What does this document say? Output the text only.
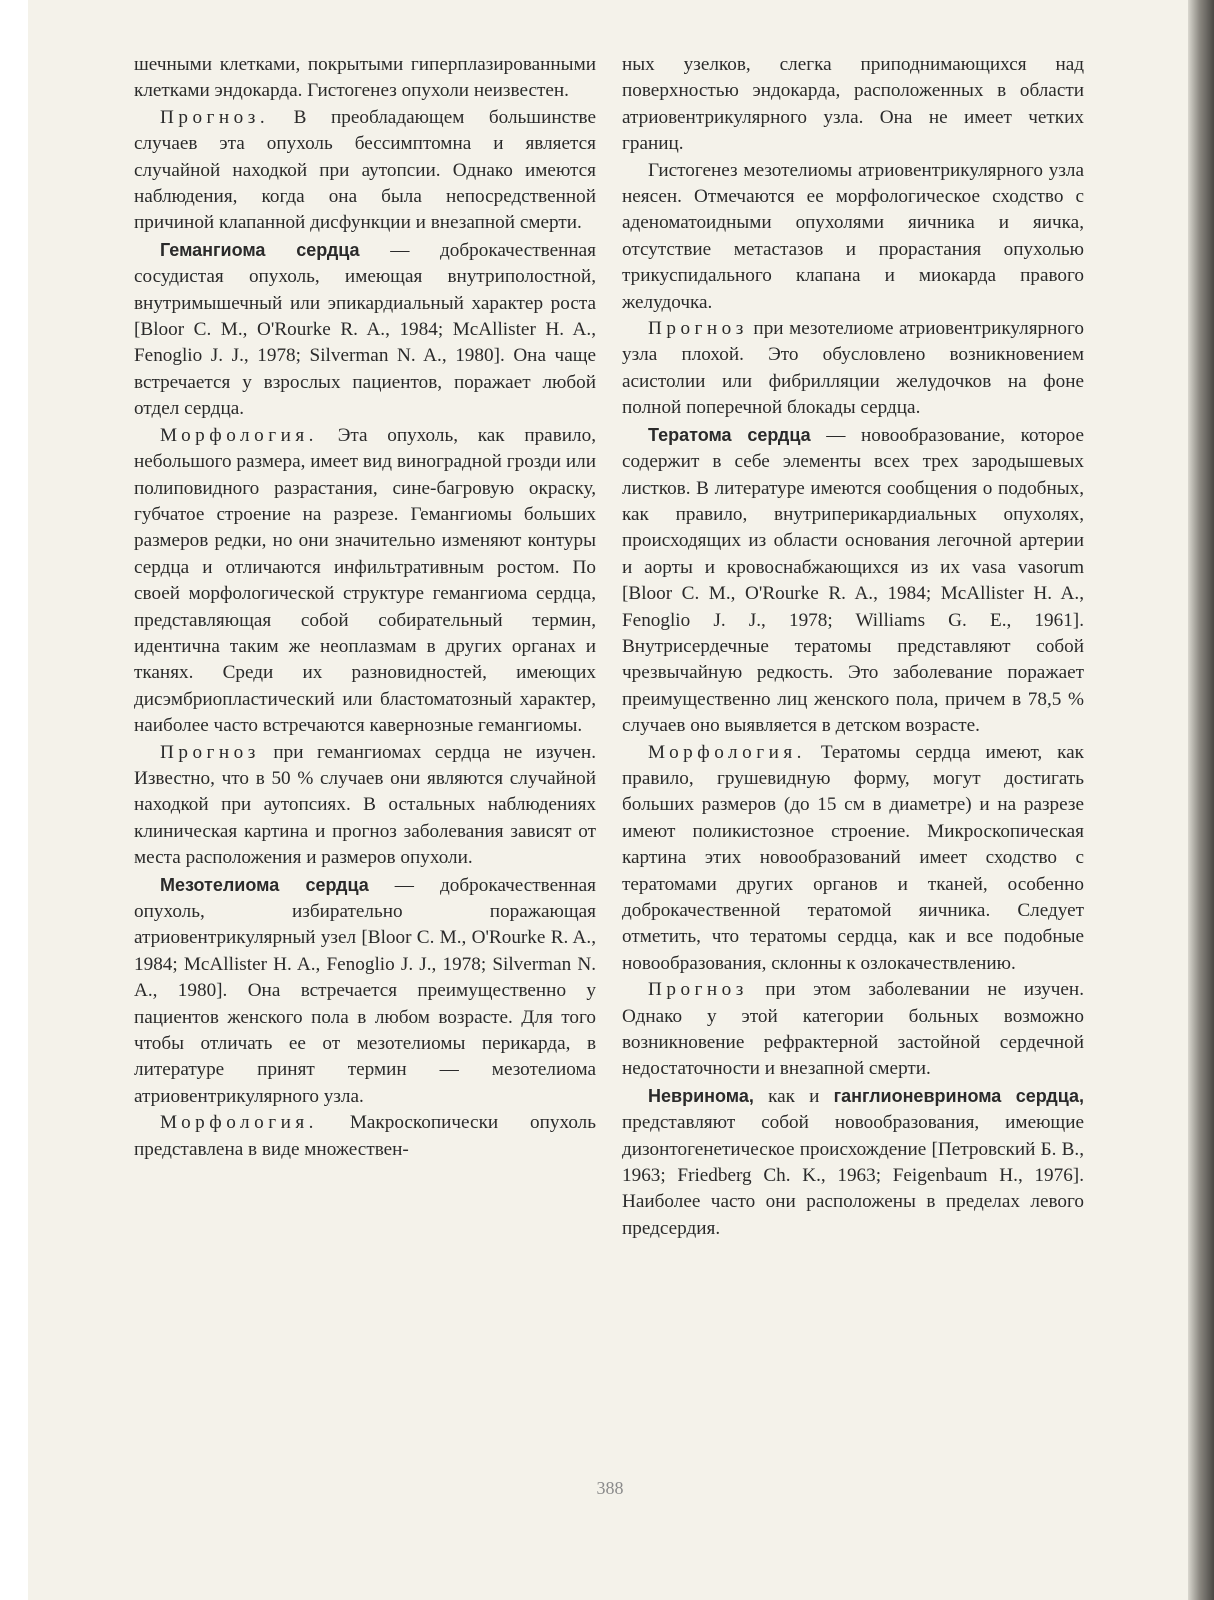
шечными клетками, покрытыми гиперплазированными клетками эндокарда. Гистогенез опухоли неизвестен.

Прогноз. В преобладающем большинстве случаев эта опухоль бессимптомна и является случайной находкой при аутопсии. Однако имеются наблюдения, когда она была непосредственной причиной клапанной дисфункции и внезапной смерти.

Гемангиома сердца — доброкачественная сосудистая опухоль, имеющая внутриполостной, внутримышечный или эпикардиальный характер роста [Bloor C. M., O'Rourke R. A., 1984; McAllister H. A., Fenoglio J. J., 1978; Silverman N. A., 1980]. Она чаще встречается у взрослых пациентов, поражает любой отдел сердца.

Морфология. Эта опухоль, как правило, небольшого размера, имеет вид виноградной грозди или полиповидного разрастания, сине-багровую окраску, губчатое строение на разрезе. Гемангиомы больших размеров редки, но они значительно изменяют контуры сердца и отличаются инфильтративным ростом. По своей морфологической структуре гемангиома сердца, представляющая собой собирательный термин, идентична таким же неоплазмам в других органах и тканях. Среди их разновидностей, имеющих дисэмбриопластический или бластоматозный характер, наиболее часто встречаются кавернозные гемангиомы.

Прогноз при гемангиомах сердца не изучен. Известно, что в 50 % случаев они являются случайной находкой при аутопсиях. В остальных наблюдениях клиническая картина и прогноз заболевания зависят от места расположения и размеров опухоли.

Мезотелиома сердца — доброкачественная опухоль, избирательно поражающая атриовентрикулярный узел [Bloor C. M., O'Rourke R. A., 1984; McAllister H. A., Fenoglio J. J., 1978; Silverman N. A., 1980]. Она встречается преимущественно у пациентов женского пола в любом возрасте. Для того чтобы отличать ее от мезотелиомы перикарда, в литературе принят термин — мезотелиома атриовентрикулярного узла.

Морфология. Макроскопически опухоль представлена в виде множествен-

ных узелков, слегка приподнимающихся над поверхностью эндокарда, расположенных в области атриовентрикулярного узла. Она не имеет четких границ.

Гистогенез мезотелиомы атриовентрикулярного узла неясен. Отмечаются ее морфологическое сходство с аденоматоидными опухолями яичника и яичка, отсутствие метастазов и прорастания опухолью трикуспидального клапана и миокарда правого желудочка.

Прогноз при мезотелиоме атриовентрикулярного узла плохой. Это обусловлено возникновением асистолии или фибрилляции желудочков на фоне полной поперечной блокады сердца.

Тератома сердца — новообразование, которое содержит в себе элементы всех трех зародышевых листков. В литературе имеются сообщения о подобных, как правило, внутриперикардиальных опухолях, происходящих из области основания легочной артерии и аорты и кровоснабжающихся из их vasa vasorum [Bloor C. M., O'Rourke R. A., 1984; McAllister H. A., Fenoglio J. J., 1978; Williams G. E., 1961]. Внутрисердечные тератомы представляют собой чрезвычайную редкость. Это заболевание поражает преимущественно лиц женского пола, причем в 78,5 % случаев оно выявляется в детском возрасте.

Морфология. Тератомы сердца имеют, как правило, грушевидную форму, могут достигать больших размеров (до 15 см в диаметре) и на разрезе имеют поликистозное строение. Микроскопическая картина этих новообразований имеет сходство с тератомами других органов и тканей, особенно доброкачественной тератомой яичника. Следует отметить, что тератомы сердца, как и все подобные новообразования, склонны к озлокачествлению.

Прогноз при этом заболевании не изучен. Однако у этой категории больных возможно возникновение рефрактерной застойной сердечной недостаточности и внезапной смерти.

Невринома, как и ганглионевринома сердца, представляют собой новообразования, имеющие дизонтогенетическое происхождение [Петровский Б. В., 1963; Friedberg Ch. K., 1963; Feigenbaum H., 1976]. Наиболее часто они расположены в пределах левого предсердия.

388
